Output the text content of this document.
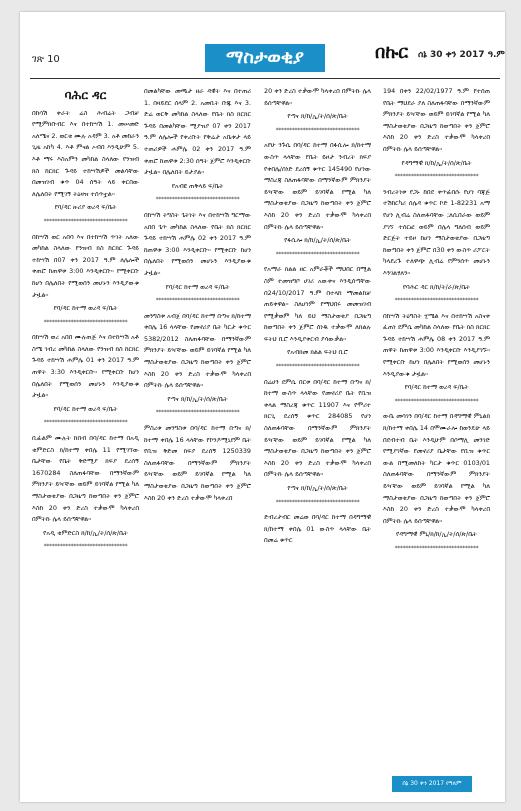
ገጽ 10	ማስታወቂያ	በኩር ሰኔ 30 ቀን 2017 ዓ.ም
ባሕር ዳር

በከሳሽ ቀራት ሬስ ሕብሬት ጋብቻ የሚምክቡብር እና በተከሣሽ 1. መሠመድ አለሜና 2. ወርቂ ሙሉ አዳም 3. አቶ መከራን ጊዜ አከካ 4. እቶ ምናል ኦብበ እንዲሁም 5. እቶ ማሩ እስአምን መካከል ስላለው የንዝብ ክስ ከርክር ጉዳይ ተከሣሽዎች መልሳቸው በመዝገብ ቁጥ 04 ሰዓት ላይ ቀርበው ለሌለበት የሚገኝ ትዕዛዝ ተሰጥቷል።

የባ/ዳር ዙሪያ ወረዳ ፍ/ቤት
*******************************

በከሣሽ ወር አበባ እና በተከሣሽ ጥገት አለው መካከል ስላለው የንዝብ ክስ ከርክር ጉዳይ ተከሣሽ በ07 ቀን 2017 ዓ.ም ለሌሎች ቀጠሮ ከጠዋቱ 3:00 እንዲቀርቡ። የሚቀርቡ ከሆነ በሌለበት የሚወሰን መሆኑን እንዲያውቁ ታዟል።

የባ/ዳር ከተማ ወረዳ ፍ/ቤት
*******************************

በከሣሽ ወረ አበበ ሙሉጠጅ እና በተከሣሽ አቶ ስሜ ገብረ መካከል ስላለው የንዝብ ክስ ከርክር ጉዳይ ተከሣሽ ሐምሌ 01 ቀን 2017 ዓ.ም ጠዋት 3:30 እንዲቀርቡ። የሚቀርቡ ከሆነ በሌለበት የሚወሰን መሆኑን እንዲያውቁ ታዟል።

የባ/ዳር ከተማ ወረዳ ፍ/ቤት
*******************************

ቢፊልም ሙሉት ከበብ በባ/ዳር ከተማ በአዲ ቂምድርስ ክ/ከተማ ቀበሌ 11 የሚገኘው ቤታቸው የቤት ቅድሚያ ክፍያ ደረሰኝ 1670284 ስለጠፋባቸው በማንኛውም ምክንያት ይዣቸው ወይም ይገባኛል የሚል ካለ ማስታወቂያው በጋዜጣ ከወጣበት ቀን ጀምሮ እስከ 20 ቀን ድረስ ተቃውሞ ካላቀረበ በምትኩ ሌላ ይሰጣቸዋል።

የአዲ ቂምድርስ ክ/ከ/ኢ/ት/ሰ/ጽ/ቤት
*******************************

በመልካቸው መጫታ ዘራ ዳዊት እና በተጠሪ 1. በዛይደር ሰላም 2. አመቢት ቡጁ እና 3. ድሬ ወርቅ መካከል ስላለው የቤት ክስ ክርክር ጉዳይ በመልካቸው ሚያዝያ 07 ቀን 2017 ዓ.ም ለሌሎች የቀረቡት የቅሬታ አቤቱታ ላይ ተጠሪዎች ሐምሌ 02 ቀን 2017 ዓ.ም ቀጠሮ ከጠዋቱ 2:30 ሰዓት ጀምሮ እንዲቀርቡ ታዟል። በሌለበት ይታያል።

የአብዩ ጠቅላይ ፍ/ቤት
*******************************

በከሣሽ ትግስት ጌትነት እና በተከሣሽ ግርማው አበበ ጌጥ መካከል ስላለው የቤት ክስ ክርክር ጉዳይ ተከሣሽ ሐምሌ 02 ቀን 2017 ዓ.ም ከጠዋቱ 3:00 እንዲቀርቡ። የሚቀርቡ ከሆነ በሌለበት የሚወሰን መሆኑን እንዲያውቁ ታዟል።

የባ/ዳር ከተማ ወረዳ ፍ/ቤት
*******************************

መንግስቱ አብጀ በባ/ዳር ከተማ በጣና ክ/ከተማ ቀበሌ 16 ላላቸው የመኖሪያ ቤት ካርታ ቁጥር 5382/2012 ስለጠፋባቸው በማንኛውም ምክንያት ይዣቸው ወይም ይገባኛል የሚል ካለ ማስታወቂያው በጋዜጣ ከወጣበት ቀን ጀምሮ እስከ 20 ቀን ድረስ ተቃውሞ ካላቀረበ በምትኩ ሌላ ይሰጣቸዋል።

የጣና ክ/ከ/ኢ/ት/ሰ/ጽ/ቤት
*******************************

ምስረቱ መንግስቱ በባ/ዳር ከተማ በጣና ክ/ከተማ ቀበሌ 16 ላላቸው የኮንዶሚኒየም ቤት የቢዝ ቅድመ ክፍያ ደረሰኝ 1250339 ስለጠፋባቸው በማንኛውም ምክንያት ይዣቸው ወይም ይገባኛል የሚል ካለ ማስታወቂያው በጋዜጣ ከወጣበት ቀን ጀምሮ እስከ 20 ቀን ድረስ ተቃውሞ ካላቀረበ

20 ቀን ድረስ ተቃውሞ ካላቀረበ በምትኩ ሌላ ይሰጣቸዋል።

የጣና ክ/ከ/ኢ/ት/ሰ/ጽ/ቤት
*******************************

አየሁ ንጉሴ በባ/ዳር ከተማ በፋሲሎ ክ/ከተማ ውስጥ ላላቸው የቤት ይዞታ ንብረት ክፍያ የቀበሌ/ሰነድ ደረሰኝ ቁጥር 145490 የሆነው ማስረጃ ስለጠፋባቸው በማንኛውም ምክንያት ይዣቸው ወይም ይገባኛል የሚል ካለ ማስታወቂያው በጋዜጣ ከወጣበት ቀን ጀምሮ እስከ 20 ቀን ድረስ ተቃውሞ ካላቀረበ በምትኩ ሌላ ይሰጣቸዋል።

የፋሲሎ ክ/ከ/ኢ/ት/ሰ/ጽ/ቤት
*******************************

የአማራ ክልል ዘር አምራቾች ማህበር በሚል ስም ተመዝግቦ ሀገሪ አውቀና እንዲሰጣቸው በ24/10/2017 ዓ.ም በተላከ ማመልከቻ ጠይቀዋል። ስለሆነም የማህበሩ መመዝገብ የሚቃወም ካለ ይህ ማስታወቂያ በጋዜጣ ከወጣበት ቀን ጀምሮ ሰነዱ ተቃውሞ ለክልሉ ፍትህ ቢሮ እንዲያቀርብ ያሳውቃል።

የአብክመ ክልል ፍትህ ቢሮ
*******************************

በሬሀን ደምሴ በርቱ በባ/ዳር ከተማ በጣና ክ/ከተማ ውስጥ ላላቸው የመኖሪያ ቤት የቢዝ ቀላል ማስረጃ ቁጥር 11907 እና የሞሪተ ክርጊ ደረሰኝ ቁጥር 284085 የሆነ ስለጠፋባቸው በማንኛውም ምክንያት ይዣቸው ወይም ይገባኛል የሚል ካለ ማስታወቂያው በጋዜጣ ከወጣበት ቀን ጀምሮ እስከ 20 ቀን ድረስ ተቃውሞ ካላቀረበ በምትኩ ሌላ ይሰጣቸዋል።

የጣና ክ/ከ/ኢ/ት/ሰ/ጽ/ቤት
*******************************

ድብረታብር መሬወ በባ/ዳር ከተማ በዳግማዊ ክ/ከተማ ቀበሌ 01 ውስጥ ላላቸው ቤት በመሬ ቁጥር

194 በቀን 22/02/1977 ዓ.ም የተሰጠ የቤት ማህደራ ያለ ስለጠፋባቸው በማንኛውም ምክንያት ይዣቸው ወይም ይገባኛል የሚል ካለ ማስታወቂያው በጋዜጣ ከወጣበት ቀን ጀምሮ እስከ 20 ቀን ድረስ ተቃውሞ ካላቀረበ በምትኩ ሌላ ይሰጣቸዋል።

የዳግማዊ ክ/ከ/ኢ/ት/ሰ/ጽ/ቤት
*******************************

ንብረትነቱ የጋኑ ከበደ ቀጥፊበሱ የሆነ ባጃጅ ተሽከርካሪ ሰሌዳ ቁጥር ኮድ 1-82231 አማ የሆነ ሊብሬ ስለጠፋባቸው ;ለሲበራው ወይም ያገኘ ተሰርፎ ወይም በሌላ ግለሰብ ወይም ድርጅት ተይዞ ከሆነ ማስታወቂያው በጋዜጣ ከወጣበት ቀን ጀምሮ በ30 ቀን ውስጥ ሪፖርት ካላደረጉ ተለዋጭ ሊብሬ የምንሰጥ መሆኑን እንገልፃለን።

የባሕር ዳር ክ/ከ/ት/ራ/ጽ/ቤት
*******************************

በከሣሽ ትዕግስት ሂሜል እና በተከሣሽ አስናቀ ፈጠነ ደምሴ መካከል ስላለው የቤት ክስ ክርክር ጉዳይ ተከሣሽ ሐምሌ 08 ቀን 2017 ዓ.ም ጠዋት ከጠዋቱ 3:00 እንዲቀርቡ እንዲያገኙ። የሚቀርቡ ከሆነ በሌለበት የሚወሰን መሆኑን እንዲያውቁ ታዟል።

የባ/ዳር ከተማ ወረዳ ፍ/ቤት
*******************************

ውቤ መሳገን በባ/ዳር ከተማ በዳግማዊ ምኒልክ ክ/ከተማ ቀበሌ 14 በሞሙራሎ ከወንዴሁ ላይ በደብተብ ቤት እንዲሁም በሶማሊ መንገድ የሚያገኛው የመኖሪያ ቤታቸው የቢዝ ቁጥር ውል በሚመለከት ካርታ ቁጥር 0103/01 ስለጠፋባቸው በማንኛውም ምክንያት ይዣቸው ወይም ይገባኛል የሚል ካለ ማስታወቂያው በጋዜጣ ከወጣበት ቀን ጀምሮ እስከ 20 ቀን ድረስ ተቃውሞ ካላቀረበ በምትኩ ሌላ ይሰጣቸዋል።

የዳግማዊ ምኒ/ክ/ከ/ኢ/ት/ሰ/ጽ/ቤት
*******************************
ሰኔ 30 ቀን 2017 የዓለም
